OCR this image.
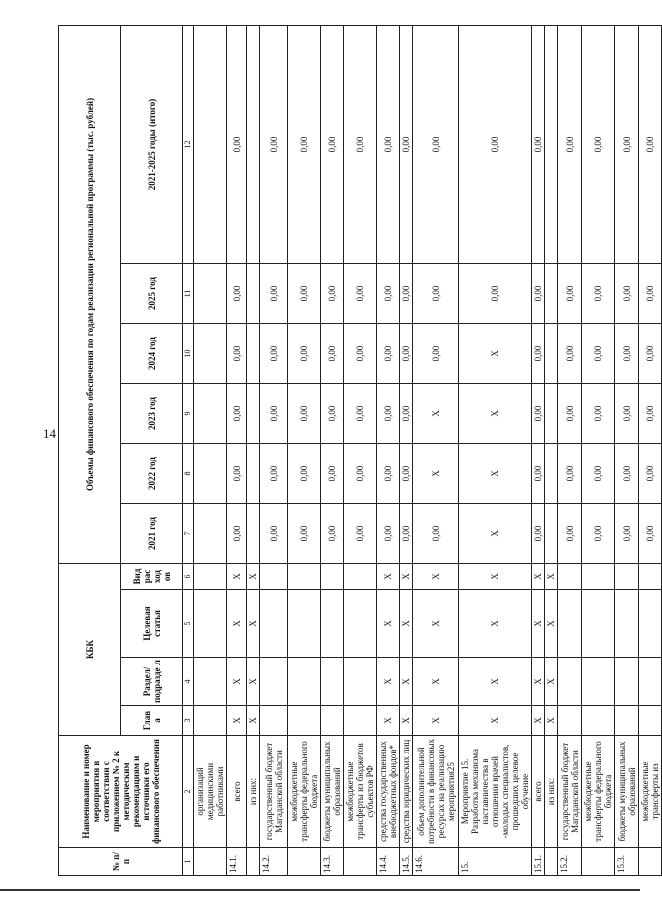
14
№ п/п	Наименование и номер мероприятия в соответствии с приложением № 2 к методическим рекомендациям и источники его финансового обеспечения	КБК				Объемы финансового обеспечения по годам реализации региональной программы (тыс. рублей)					
		Глав а	Раздел/ подразде л	Целевая статья	Вид рас ход ов	2021 год	2022 год	2023 год	2024 год	2025 год	2021-2025 годы (итого)
1	2	3	4	5	6	7	8	9	10	11	12
	организаций медицинскими работниками										
14.1.	всего	X	X	X	X	0,00	0,00	0,00	0,00	0,00	0,00
	из них:	X	X	X	X						
14.2.	государственный бюджет Магаданской области					0,00	0,00	0,00	0,00	0,00	0,00
	межбюджетные трансферты федерального бюджета					0,00	0,00	0,00	0,00	0,00	0,00
14.3.	бюджеты муниципальных образований					0,00	0,00	0,00	0,00	0,00	0,00
	межбюджетные трансферты из бюджетов субъектов РФ					0,00	0,00	0,00	0,00	0,00	0,00
14.4.	средства государственных внебюджетных фондов*	X	X	X	X	0,00	0,00	0,00	0,00	0,00	0,00
14.5.	средства юридических лиц	X	X	X	X	0,00	0,00	0,00	0,00	0,00	0,00
14.6.	объем дополнительной потребности в финансовых ресурсах на реализацию мероприятия25	X	X	X	X	0,00	X	X	0,00	0,00	0,00
15.	Мероприятие 15. Разработка механизма наставничества в отношении врачей -молодых специалистов, прошедших целевое обучение	X	X	X	X	X	X	X	X	0,00	0,00
15.1.	всего	X	X	X	X	0,00	0,00	0,00	0,00	0,00	0,00
	из них:	X	X	X	X						
15.2.	государственный бюджет Магаданской области					0,00	0,00	0,00	0,00	0,00	0,00
	межбюджетные трансферты федерального бюджета					0,00	0,00	0,00	0,00	0,00	0,00
15.3.	бюджеты муниципальных образований					0,00	0,00	0,00	0,00	0,00	0,00
	межбюджетные трансферты из					0,00	0,00	0,00	0,00	0,00	0,00
